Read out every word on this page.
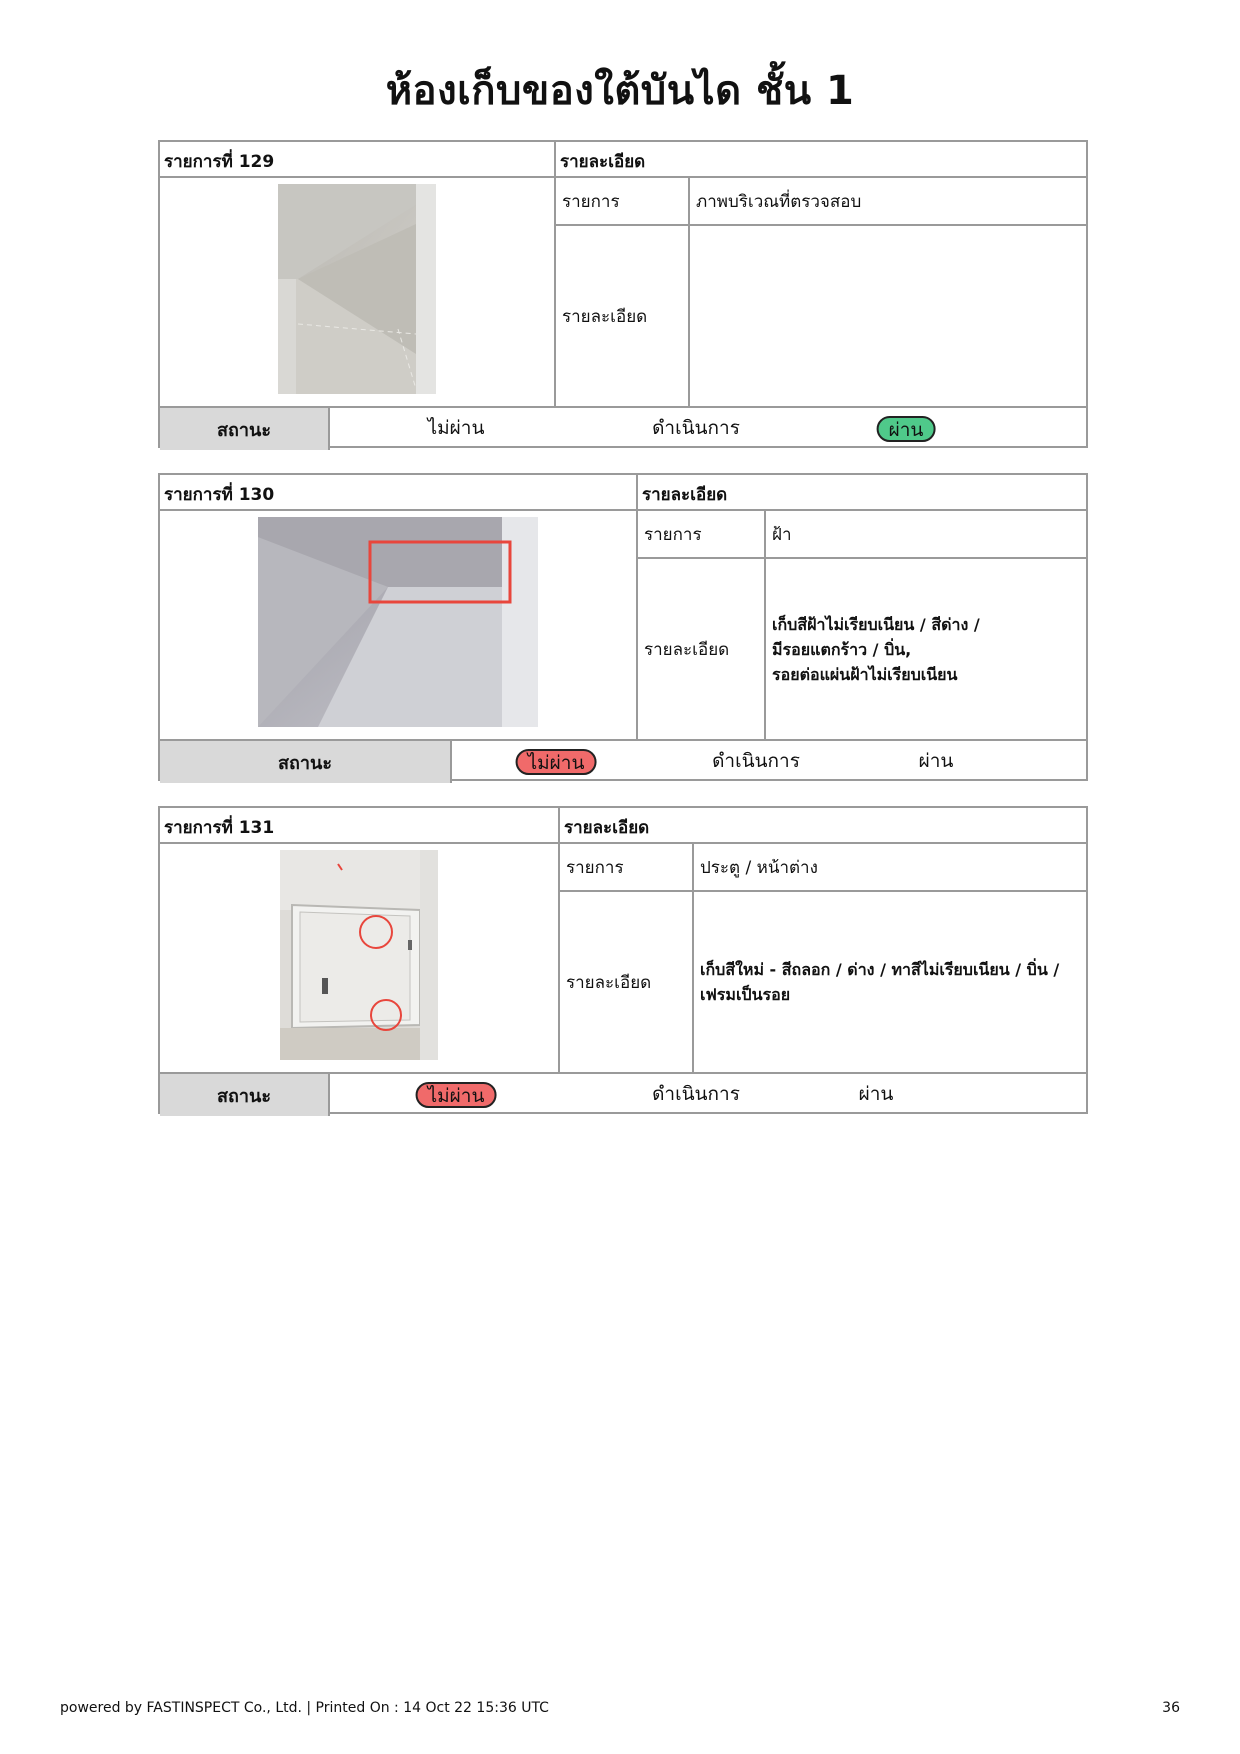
ห้องเก็บของใต้บันได ชั้น 1
รายการที่ 129	รายละเอียด
รายการ	ภาพบริเวณที่ตรวจสอบ
รายละเอียด
สถานะ	ไม่ผ่าน	ดำเนินการ	ผ่าน
รายการที่ 130	รายละเอียด
รายการ	ฝ้า
รายละเอียด
เก็บสีฝ้าไม่เรียบเนียน / สีด่าง /
มีรอยแตกร้าว / บิ่น,
รอยต่อแผ่นฝ้าไม่เรียบเนียน
สถานะ	ไม่ผ่าน	ดำเนินการ	ผ่าน
รายการที่ 131	รายละเอียด
รายการ	ประตู / หน้าต่าง
รายละเอียด
เก็บสีใหม่ - สีถลอก / ด่าง / ทาสีไม่เรียบเนียน / บิ่น /
เฟรมเป็นรอย
สถานะ	ไม่ผ่าน	ดำเนินการ	ผ่าน
powered by FASTINSPECT Co., Ltd. | Printed On : 14 Oct 22 15:36 UTC	36
